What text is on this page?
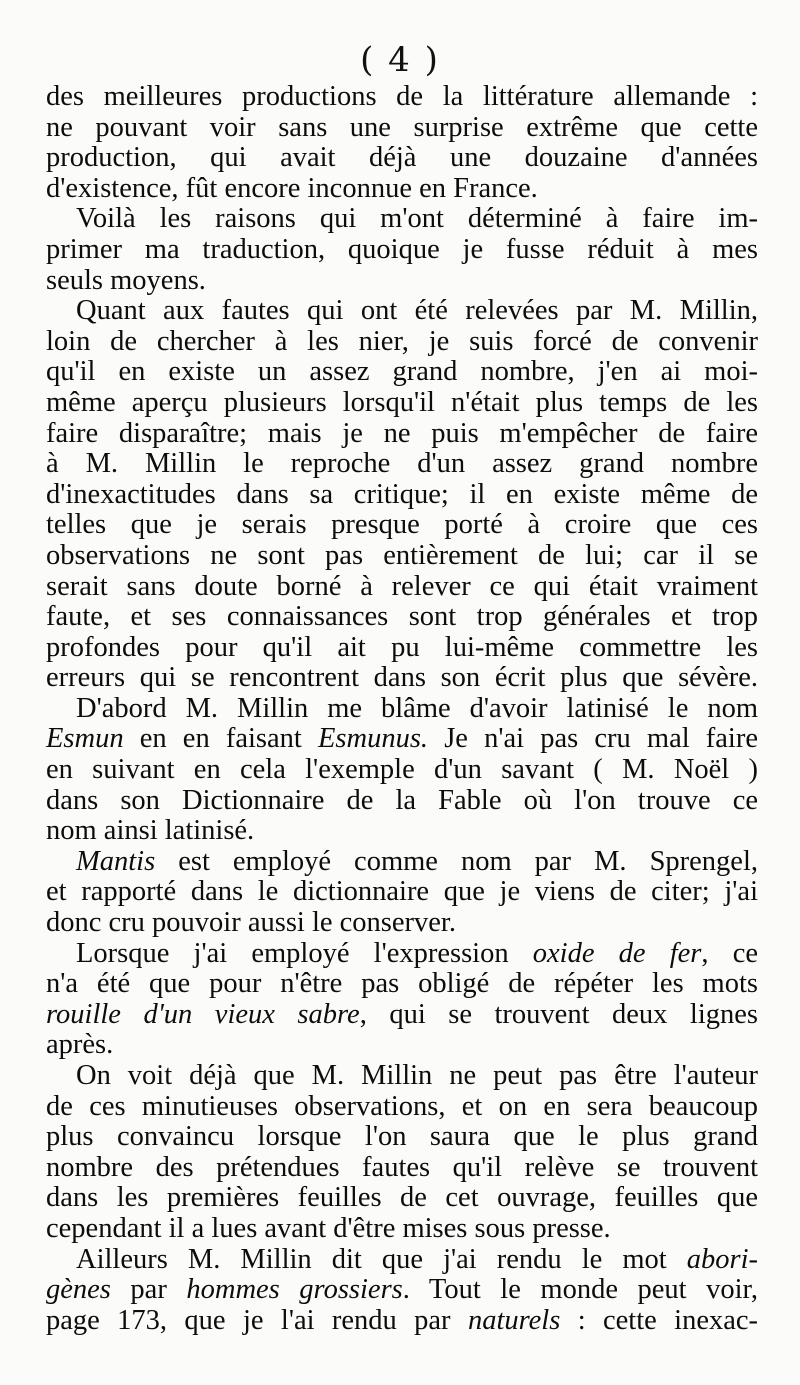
( 4 )
des meilleures productions de la littérature allemande :
ne pouvant voir sans une surprise extrême que cette
production, qui avait déjà une douzaine d'années
d'existence, fût encore inconnue en France.
Voilà les raisons qui m'ont déterminé à faire im-
primer ma traduction, quoique je fusse réduit à mes
seuls moyens.
Quant aux fautes qui ont été relevées par M. Millin,
loin de chercher à les nier, je suis forcé de convenir
qu'il en existe un assez grand nombre, j'en ai moi-
même aperçu plusieurs lorsqu'il n'était plus temps de les
faire disparaître; mais je ne puis m'empêcher de faire
à M. Millin le reproche d'un assez grand nombre
d'inexactitudes dans sa critique; il en existe même de
telles que je serais presque porté à croire que ces
observations ne sont pas entièrement de lui; car il se
serait sans doute borné à relever ce qui était vraiment
faute, et ses connaissances sont trop générales et trop
profondes pour qu'il ait pu lui-même commettre les
erreurs qui se rencontrent dans son écrit plus que sévère.
D'abord M. Millin me blâme d'avoir latinisé le nom
Esmun en en faisant Esmunus. Je n'ai pas cru mal faire
en suivant en cela l'exemple d'un savant ( M. Noël )
dans son Dictionnaire de la Fable où l'on trouve ce
nom ainsi latinisé.
Mantis est employé comme nom par M. Sprengel,
et rapporté dans le dictionnaire que je viens de citer; j'ai
donc cru pouvoir aussi le conserver.
Lorsque j'ai employé l'expression oxide de fer, ce
n'a été que pour n'être pas obligé de répéter les mots
rouille d'un vieux sabre, qui se trouvent deux lignes
après.
On voit déjà que M. Millin ne peut pas être l'auteur
de ces minutieuses observations, et on en sera beaucoup
plus convaincu lorsque l'on saura que le plus grand
nombre des prétendues fautes qu'il relève se trouvent
dans les premières feuilles de cet ouvrage, feuilles que
cependant il a lues avant d'être mises sous presse.
Ailleurs M. Millin dit que j'ai rendu le mot abori-
gènes par hommes grossiers. Tout le monde peut voir,
page 173, que je l'ai rendu par naturels : cette inexac-
